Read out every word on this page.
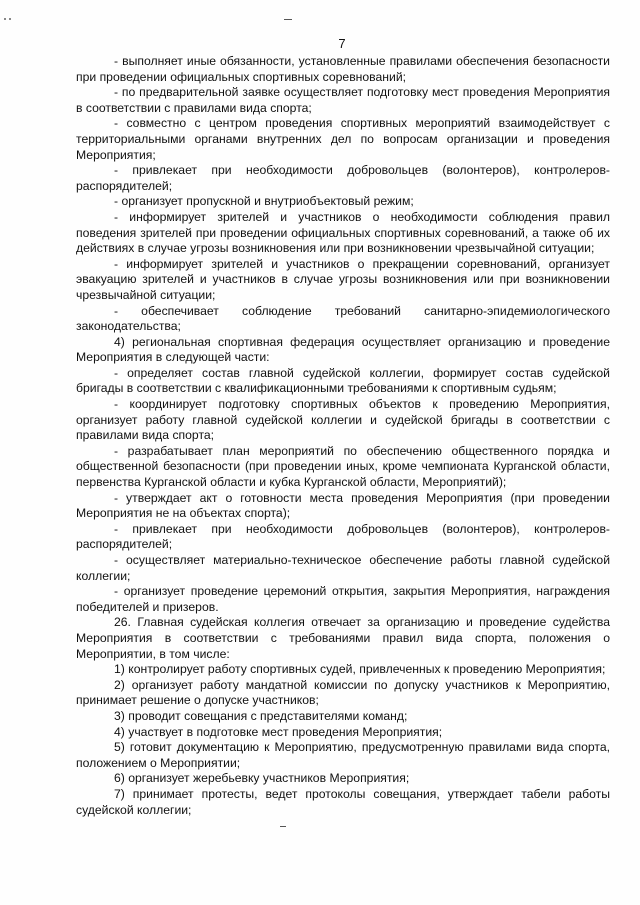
7

- выполняет иные обязанности, установленные правилами обеспечения безопасности при проведении официальных спортивных соревнований;

- по предварительной заявке осуществляет подготовку мест проведения Мероприятия в соответствии с правилами вида спорта;

- совместно с центром проведения спортивных мероприятий взаимодействует с территориальными органами внутренних дел по вопросам организации и проведения Мероприятия;

- привлекает при необходимости добровольцев (волонтеров), контролеров-распорядителей;

- организует пропускной и внутриобъектовый режим;

- информирует зрителей и участников о необходимости соблюдения правил поведения зрителей при проведении официальных спортивных соревнований, а также об их действиях в случае угрозы возникновения или при возникновении чрезвычайной ситуации;

- информирует зрителей и участников о прекращении соревнований, организует эвакуацию зрителей и участников в случае угрозы возникновения или при возникновении чрезвычайной ситуации;

- обеспечивает соблюдение требований санитарно-эпидемиологического законодательства;

4) региональная спортивная федерация осуществляет организацию и проведение Мероприятия в следующей части:

- определяет состав главной судейской коллегии, формирует состав судейской бригады в соответствии с квалификационными требованиями к спортивным судьям;

- координирует подготовку спортивных объектов к проведению Мероприятия, организует работу главной судейской коллегии и судейской бригады в соответствии с правилами вида спорта;

- разрабатывает план мероприятий по обеспечению общественного порядка и общественной безопасности (при проведении иных, кроме чемпионата Курганской области, первенства Курганской области и кубка Курганской области, Мероприятий);

- утверждает акт о готовности места проведения Мероприятия (при проведении Мероприятия не на объектах спорта);

- привлекает при необходимости добровольцев (волонтеров), контролеров-распорядителей;

- осуществляет материально-техническое обеспечение работы главной судейской коллегии;

- организует проведение церемоний открытия, закрытия Мероприятия, награждения победителей и призеров.

26. Главная судейская коллегия отвечает за организацию и проведение судейства Мероприятия в соответствии с требованиями правил вида спорта, положения о Мероприятии, в том числе:

1) контролирует работу спортивных судей, привлеченных к проведению Мероприятия;

2) организует работу мандатной комиссии по допуску участников к Мероприятию, принимает решение о допуске участников;

3) проводит совещания с представителями команд;

4) участвует в подготовке мест проведения Мероприятия;

5) готовит документацию к Мероприятию, предусмотренную правилами вида спорта, положением о Мероприятии;

6) организует жеребьевку участников Мероприятия;

7) принимает протесты, ведет протоколы совещания, утверждает табели работы судейской коллегии;
